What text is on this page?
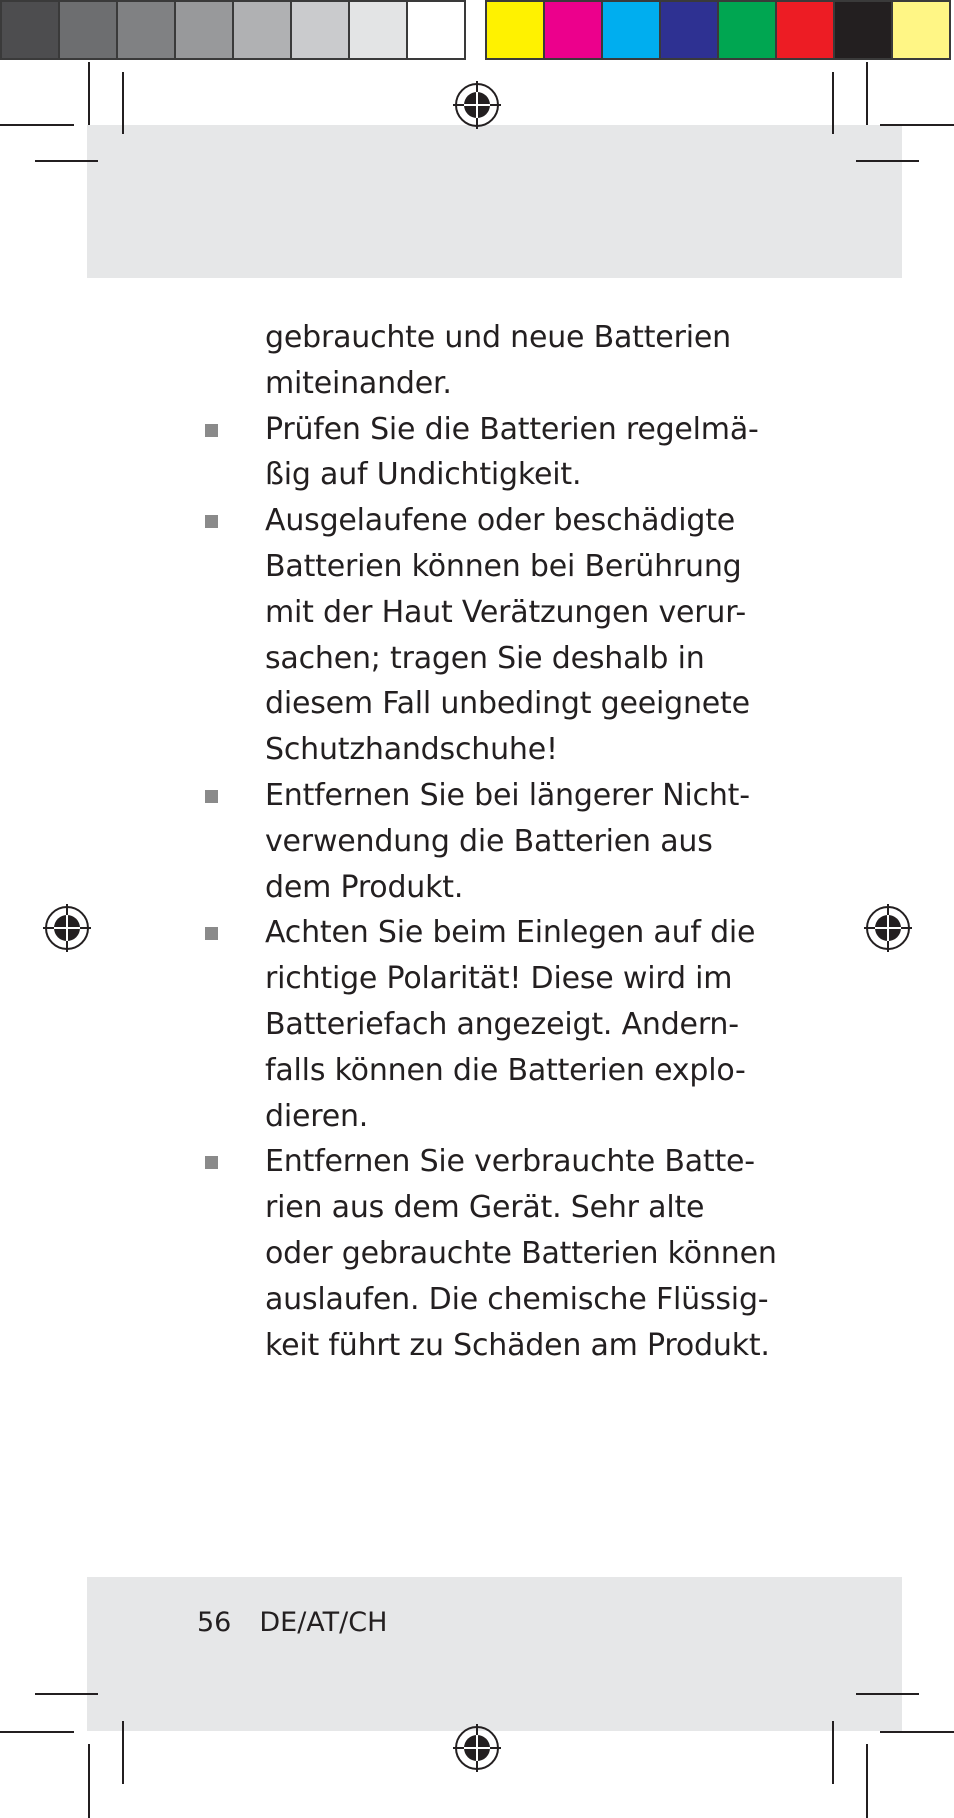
gebrauchte und neue Batterien
miteinander.
Prüfen Sie die Batterien regelmä-
ßig auf Undichtigkeit.
Ausgelaufene oder beschädigte
Batterien können bei Berührung
mit der Haut Verätzungen verur-
sachen; tragen Sie deshalb in
diesem Fall unbedingt geeignete
Schutzhandschuhe!
Entfernen Sie bei längerer Nicht-
verwendung die Batterien aus
dem Produkt.
Achten Sie beim Einlegen auf die
richtige Polarität! Diese wird im
Batteriefach angezeigt. Andern-
falls können die Batterien explo-
dieren.
Entfernen Sie verbrauchte Batte-
rien aus dem Gerät. Sehr alte
oder gebrauchte Batterien können
auslaufen. Die chemische Flüssig-
keit führt zu Schäden am Produkt.
56 DE/AT/CH
